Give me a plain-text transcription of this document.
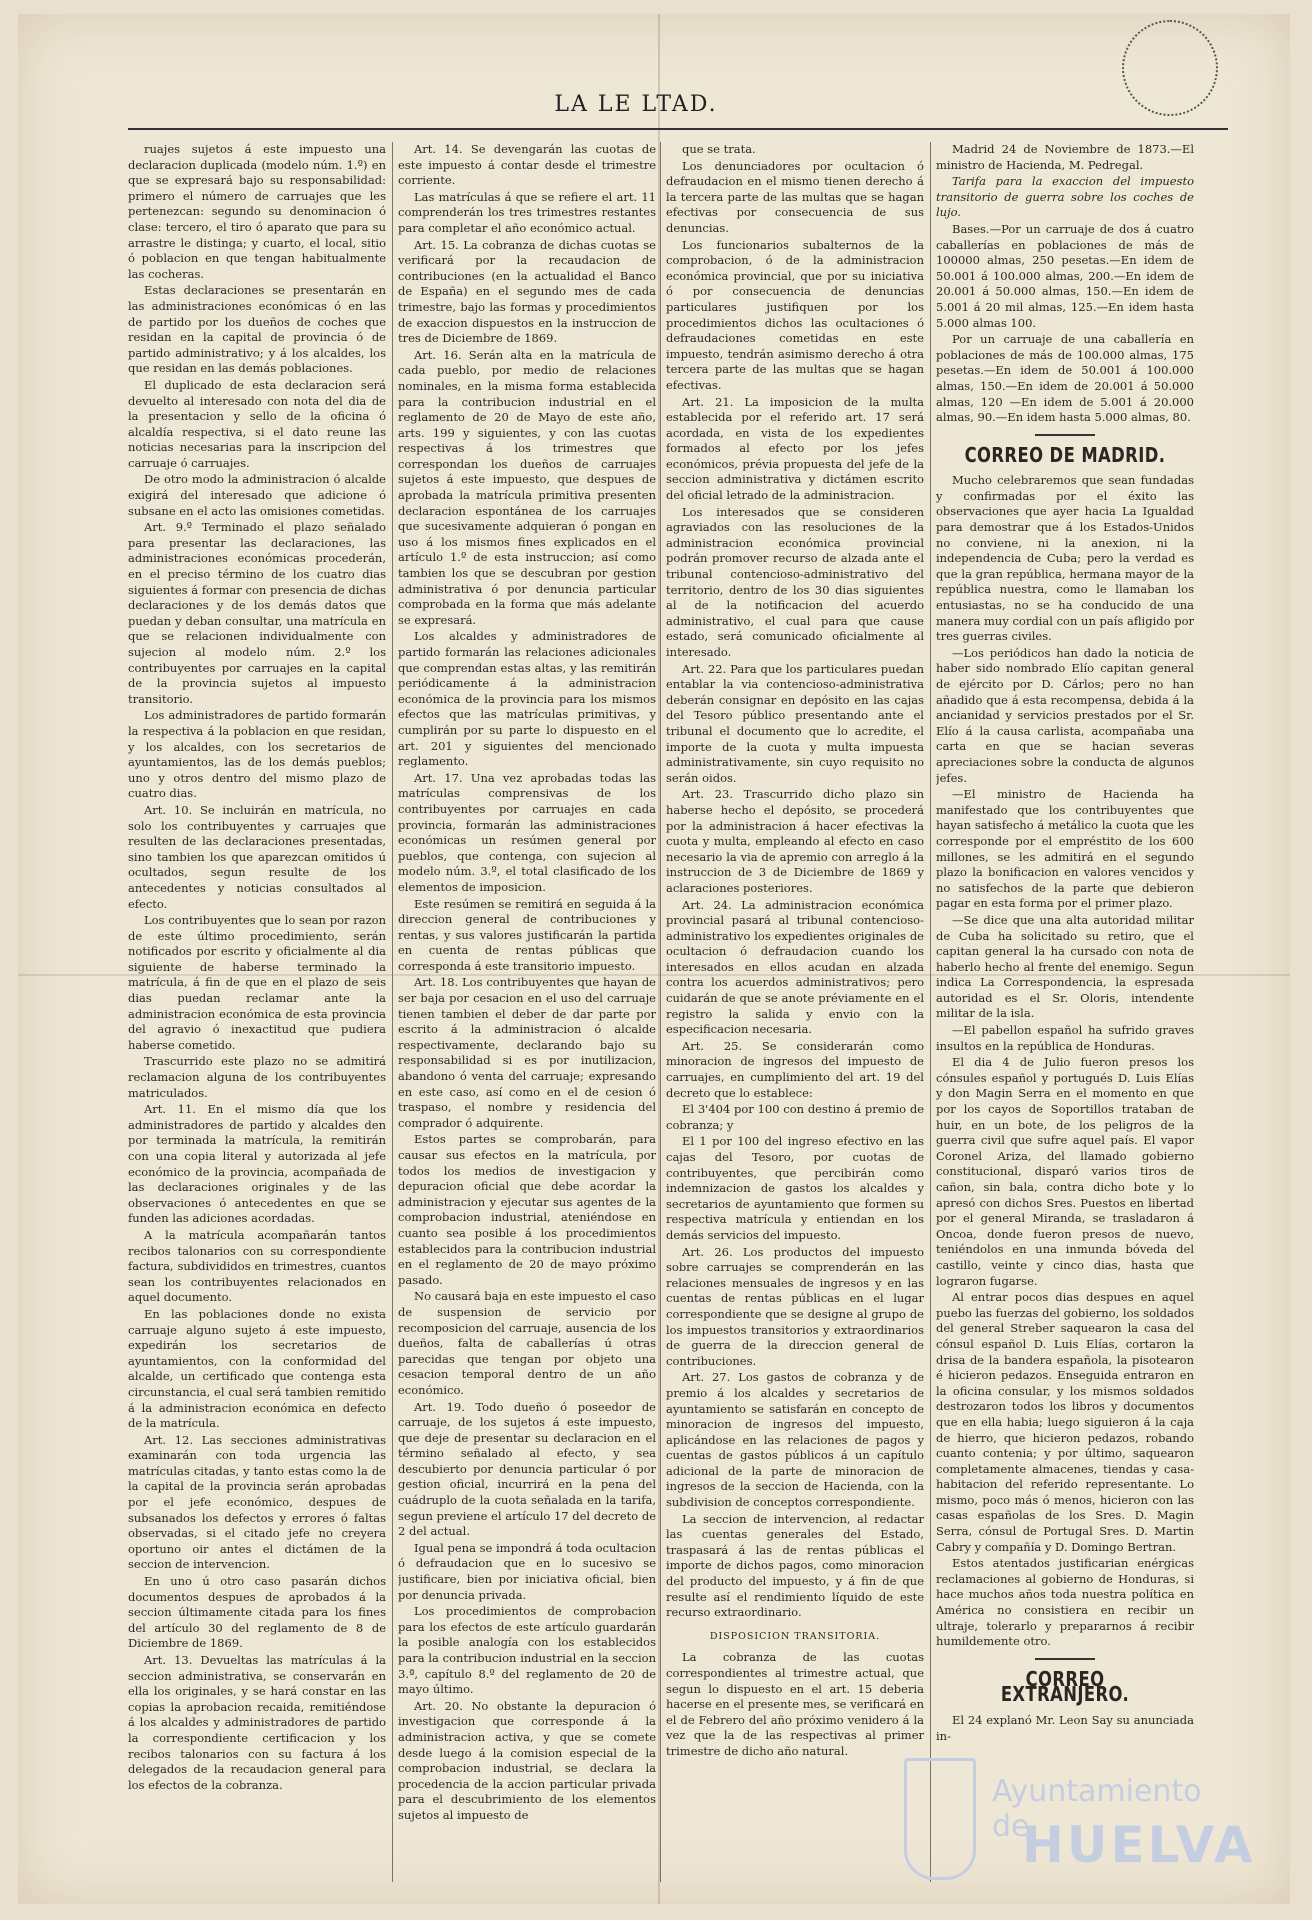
LA LE LTAD.

ruajes sujetos á este impuesto una declaracion duplicada (modelo núm. 1.º) en que se expresará bajo su responsabilidad: primero el número de carruajes que les pertenezcan: segundo su denominacion ó clase: tercero, el tiro ó aparato que para su arrastre le distinga; y cuarto, el local, sitio ó poblacion en que tengan habitualmente las cocheras.

Estas declaraciones se presentarán en las administraciones económicas ó en las de partido por los dueños de coches que residan en la capital de provincia ó de partido administrativo; y á los alcaldes, los que residan en las demás poblaciones.

El duplicado de esta declaracion será devuelto al interesado con nota del dia de la presentacion y sello de la oficina ó alcaldía respectiva, si el dato reune las noticias necesarias para la inscripcion del carruaje ó carruajes.

De otro modo la administracion ó alcalde exigirá del interesado que adicione ó subsane en el acto las omisiones cometidas.

Art. 9.º Terminado el plazo señalado para presentar las declaraciones, las administraciones económicas procederán, en el preciso término de los cuatro dias siguientes á formar con presencia de dichas declaraciones y de los demás datos que puedan y deban consultar, una matrícula en que se relacionen individualmente con sujecion al modelo núm. 2.º los contribuyentes por carruajes en la capital de la provincia sujetos al impuesto transitorio.

Los administradores de partido formarán la respectiva á la poblacion en que residan, y los alcaldes, con los secretarios de ayuntamientos, las de los demás pueblos; uno y otros dentro del mismo plazo de cuatro dias.

Art. 10. Se incluirán en matrícula, no solo los contribuyentes y carruajes que resulten de las declaraciones presentadas, sino tambien los que aparezcan omitidos ú ocultados, segun resulte de los antecedentes y noticias consultados al efecto.

Los contribuyentes que lo sean por razon de este último procedimiento, serán notificados por escrito y oficialmente al dia siguiente de haberse terminado la matrícula, á fin de que en el plazo de seis dias puedan reclamar ante la administracion económica de esta provincia del agravio ó inexactitud que pudiera haberse cometido.

Trascurrido este plazo no se admitirá reclamacion alguna de los contribuyentes matriculados.

Art. 11. En el mismo día que los administradores de partido y alcaldes den por terminada la matrícula, la remitirán con una copia literal y autorizada al jefe económico de la provincia, acompañada de las declaraciones originales y de las observaciones ó antecedentes en que se funden las adiciones acordadas.

A la matrícula acompañarán tantos recibos talonarios con su correspondiente factura, subdivididos en trimestres, cuantos sean los contribuyentes relacionados en aquel documento.

En las poblaciones donde no exista carruaje alguno sujeto á este impuesto, expedirán los secretarios de ayuntamientos, con la conformidad del alcalde, un certificado que contenga esta circunstancia, el cual será tambien remitido á la administracion económica en defecto de la matrícula.

Art. 12. Las secciones administrativas examinarán con toda urgencia las matrículas citadas, y tanto estas como la de la capital de la provincia serán aprobadas por el jefe económico, despues de subsanados los defectos y errores ó faltas observadas, si el citado jefe no creyera oportuno oir antes el dictámen de la seccion de intervencion.

En uno ú otro caso pasarán dichos documentos despues de aprobados á la seccion últimamente citada para los fines del artículo 30 del reglamento de 8 de Diciembre de 1869.

Art. 13. Devueltas las matrículas á la seccion administrativa, se conservarán en ella los originales, y se hará constar en las copias la aprobacion recaida, remitiéndose á los alcaldes y administradores de partido la correspondiente certificacion y los recibos talonarios con su factura á los delegados de la recaudacion general para los efectos de la cobranza.

Art. 14. Se devengarán las cuotas de este impuesto á contar desde el trimestre corriente.

Las matrículas á que se refiere el art. 11 comprenderán los tres trimestres restantes para completar el año económico actual.

Art. 15. La cobranza de dichas cuotas se verificará por la recaudacion de contribuciones (en la actualidad el Banco de España) en el segundo mes de cada trimestre, bajo las formas y procedimientos de exaccion dispuestos en la instruccion de tres de Diciembre de 1869.

Art. 16. Serán alta en la matrícula de cada pueblo, por medio de relaciones nominales, en la misma forma establecida para la contribucion industrial en el reglamento de 20 de Mayo de este año, arts. 199 y siguientes, y con las cuotas respectivas á los trimestres que correspondan los dueños de carruajes sujetos á este impuesto, que despues de aprobada la matrícula primitiva presenten declaracion espontánea de los carruajes que sucesivamente adquieran ó pongan en uso á los mismos fines explicados en el artículo 1.º de esta instruccion; así como tambien los que se descubran por gestion administrativa ó por denuncia particular comprobada en la forma que más adelante se expresará.

Los alcaldes y administradores de partido formarán las relaciones adicionales que comprendan estas altas, y las remitirán periódicamente á la administracion económica de la provincia para los mismos efectos que las matrículas primitivas, y cumplirán por su parte lo dispuesto en el art. 201 y siguientes del mencionado reglamento.

Art. 17. Una vez aprobadas todas las matrículas comprensivas de los contribuyentes por carruajes en cada provincia, formarán las administraciones económicas un resúmen general por pueblos, que contenga, con sujecion al modelo núm. 3.º, el total clasificado de los elementos de imposicion.

Este resúmen se remitirá en seguida á la direccion general de contribuciones y rentas, y sus valores justificarán la partida en cuenta de rentas públicas que corresponda á este transitorio impuesto.

Art. 18. Los contribuyentes que hayan de ser baja por cesacion en el uso del carruaje tienen tambien el deber de dar parte por escrito á la administracion ó alcalde respectivamente, declarando bajo su responsabilidad si es por inutilizacion, abandono ó venta del carruaje; expresando en este caso, así como en el de cesion ó traspaso, el nombre y residencia del comprador ó adquirente.

Estos partes se comprobarán, para causar sus efectos en la matrícula, por todos los medios de investigacion y depuracion oficial que debe acordar la administracion y ejecutar sus agentes de la comprobacion industrial, ateniéndose en cuanto sea posible á los procedimientos establecidos para la contribucion industrial en el reglamento de 20 de mayo próximo pasado.

No causará baja en este impuesto el caso de suspension de servicio por recomposicion del carruaje, ausencia de los dueños, falta de caballerías ú otras parecidas que tengan por objeto una cesacion temporal dentro de un año económico.

Art. 19. Todo dueño ó poseedor de carruaje, de los sujetos á este impuesto, que deje de presentar su declaracion en el término señalado al efecto, y sea descubierto por denuncia particular ó por gestion oficial, incurrirá en la pena del cuádruplo de la cuota señalada en la tarifa, segun previene el artículo 17 del decreto de 2 del actual.

Igual pena se impondrá á toda ocultacion ó defraudacion que en lo sucesivo se justificare, bien por iniciativa oficial, bien por denuncia privada.

Los procedimientos de comprobacion para los efectos de este artículo guardarán la posible analogía con los establecidos para la contribucion industrial en la seccion 3.ª, capítulo 8.º del reglamento de 20 de mayo último.

Art. 20. No obstante la depuracion ó investigacion que corresponde á la administracion activa, y que se comete desde luego á la comision especial de la comprobacion industrial, se declara la procedencia de la accion particular privada para el descubrimiento de los elementos sujetos al impuesto de

que se trata.

Los denunciadores por ocultacion ó defraudacion en el mismo tienen derecho á la tercera parte de las multas que se hagan efectivas por consecuencia de sus denuncias.

Los funcionarios subalternos de la comprobacion, ó de la administracion económica provincial, que por su iniciativa ó por consecuencia de denuncias particulares justifiquen por los procedimientos dichos las ocultaciones ó defraudaciones cometidas en este impuesto, tendrán asimismo derecho á otra tercera parte de las multas que se hagan efectivas.

Art. 21. La imposicion de la multa establecida por el referido art. 17 será acordada, en vista de los expedientes formados al efecto por los jefes económicos, prévia propuesta del jefe de la seccion administrativa y dictámen escrito del oficial letrado de la administracion.

Los interesados que se consideren agraviados con las resoluciones de la administracion económica provincial podrán promover recurso de alzada ante el tribunal contencioso-administrativo del territorio, dentro de los 30 dias siguientes al de la notificacion del acuerdo administrativo, el cual para que cause estado, será comunicado oficialmente al interesado.

Art. 22. Para que los particulares puedan entablar la via contencioso-administrativa deberán consignar en depósito en las cajas del Tesoro público presentando ante el tribunal el documento que lo acredite, el importe de la cuota y multa impuesta administrativamente, sin cuyo requisito no serán oidos.

Art. 23. Trascurrido dicho plazo sin haberse hecho el depósito, se procederá por la administracion á hacer efectivas la cuota y multa, empleando al efecto en caso necesario la via de apremio con arreglo á la instruccion de 3 de Diciembre de 1869 y aclaraciones posteriores.

Art. 24. La administracion económica provincial pasará al tribunal contencioso-administrativo los expedientes originales de ocultacion ó defraudacion cuando los interesados en ellos acudan en alzada contra los acuerdos administrativos; pero cuidarán de que se anote préviamente en el registro la salida y envio con la especificacion necesaria.

Art. 25. Se considerarán como minoracion de ingresos del impuesto de carruajes, en cumplimiento del art. 19 del decreto que lo establece:

El 3'404 por 100 con destino á premio de cobranza; y

El 1 por 100 del ingreso efectivo en las cajas del Tesoro, por cuotas de contribuyentes, que percibirán como indemnizacion de gastos los alcaldes y secretarios de ayuntamiento que formen su respectiva matrícula y entiendan en los demás servicios del impuesto.

Art. 26. Los productos del impuesto sobre carruajes se comprenderán en las relaciones mensuales de ingresos y en las cuentas de rentas públicas en el lugar correspondiente que se designe al grupo de los impuestos transitorios y extraordinarios de guerra de la direccion general de contribuciones.

Art. 27. Los gastos de cobranza y de premio á los alcaldes y secretarios de ayuntamiento se satisfarán en concepto de minoracion de ingresos del impuesto, aplicándose en las relaciones de pagos y cuentas de gastos públicos á un capítulo adicional de la parte de minoracion de ingresos de la seccion de Hacienda, con la subdivision de conceptos correspondiente.

La seccion de intervencion, al redactar las cuentas generales del Estado, traspasará á las de rentas públicas el importe de dichos pagos, como minoracion del producto del impuesto, y á fin de que resulte así el rendimiento líquido de este recurso extraordinario.

DISPOSICION TRANSITORIA.

La cobranza de las cuotas correspondientes al trimestre actual, que segun lo dispuesto en el art. 15 deberia hacerse en el presente mes, se verificará en el de Febrero del año próximo venidero á la vez que la de las respectivas al primer trimestre de dicho año natural.

Madrid 24 de Noviembre de 1873.—El ministro de Hacienda, M. Pedregal.

Tarifa para la exaccion del impuesto transitorio de guerra sobre los coches de lujo.

Bases.—Por un carruaje de dos á cuatro caballerías en poblaciones de más de 100000 almas, 250 pesetas.—En idem de 50.001 á 100.000 almas, 200.—En idem de 20.001 á 50.000 almas, 150.—En idem de 5.001 á 20 mil almas, 125.—En idem hasta 5.000 almas 100.

Por un carruaje de una caballería en poblaciones de más de 100.000 almas, 175 pesetas.—En idem de 50.001 á 100.000 almas, 150.—En idem de 20.001 á 50.000 almas, 120 —En idem de 5.001 á 20.000 almas, 90.—En idem hasta 5.000 almas, 80.

CORREO DE MADRID.

Mucho celebraremos que sean fundadas y confirmadas por el éxito las observaciones que ayer hacia La Igualdad para demostrar que á los Estados-Unidos no conviene, ni la anexion, ni la independencia de Cuba; pero la verdad es que la gran república, hermana mayor de la república nuestra, como le llamaban los entusiastas, no se ha conducido de una manera muy cordial con un país afligido por tres guerras civiles.

—Los periódicos han dado la noticia de haber sido nombrado Elío capitan general de ejército por D. Cárlos; pero no han añadido que á esta recompensa, debida á la ancianidad y servicios prestados por el Sr. Elío á la causa carlista, acompañaba una carta en que se hacian severas apreciaciones sobre la conducta de algunos jefes.

—El ministro de Hacienda ha manifestado que los contribuyentes que hayan satisfecho á metálico la cuota que les corresponde por el empréstito de los 600 millones, se les admitirá en el segundo plazo la bonificacion en valores vencidos y no satisfechos de la parte que debieron pagar en esta forma por el primer plazo.

—Se dice que una alta autoridad militar de Cuba ha solicitado su retiro, que el capitan general la ha cursado con nota de haberlo hecho al frente del enemigo. Segun indica La Correspondencia, la espresada autoridad es el Sr. Oloris, intendente militar de la isla.

—El pabellon español ha sufrido graves insultos en la república de Honduras.

El dia 4 de Julio fueron presos los cónsules español y portugués D. Luis Elías y don Magin Serra en el momento en que por los cayos de Soportillos trataban de huir, en un bote, de los peligros de la guerra civil que sufre aquel país. El vapor Coronel Ariza, del llamado gobierno constitucional, disparó varios tiros de cañon, sin bala, contra dicho bote y lo apresó con dichos Sres. Puestos en libertad por el general Miranda, se trasladaron á Oncoa, donde fueron presos de nuevo, teniéndolos en una inmunda bóveda del castillo, veinte y cinco dias, hasta que lograron fugarse.

Al entrar pocos dias despues en aquel puebo las fuerzas del gobierno, los soldados del general Streber saquearon la casa del cónsul español D. Luis Elías, cortaron la drisa de la bandera española, la pisotearon é hicieron pedazos. Enseguida entraron en la oficina consular, y los mismos soldados destrozaron todos los libros y documentos que en ella habia; luego siguieron á la caja de hierro, que hicieron pedazos, robando cuanto contenia; y por último, saquearon completamente almacenes, tiendas y casa-habitacion del referido representante. Lo mismo, poco más ó menos, hicieron con las casas españolas de los Sres. D. Magin Serra, cónsul de Portugal Sres. D. Martin Cabry y compañía y D. Domingo Bertran.

Estos atentados justificarian enérgicas reclamaciones al gobierno de Honduras, si hace muchos años toda nuestra política en América no consistiera en recibir un ultraje, tolerarlo y prepararnos á recibir humildemente otro.

CORREO EXTRANJERO.

El 24 explanó Mr. Leon Say su anunciada in-

Ayuntamiento de
HUELVA
